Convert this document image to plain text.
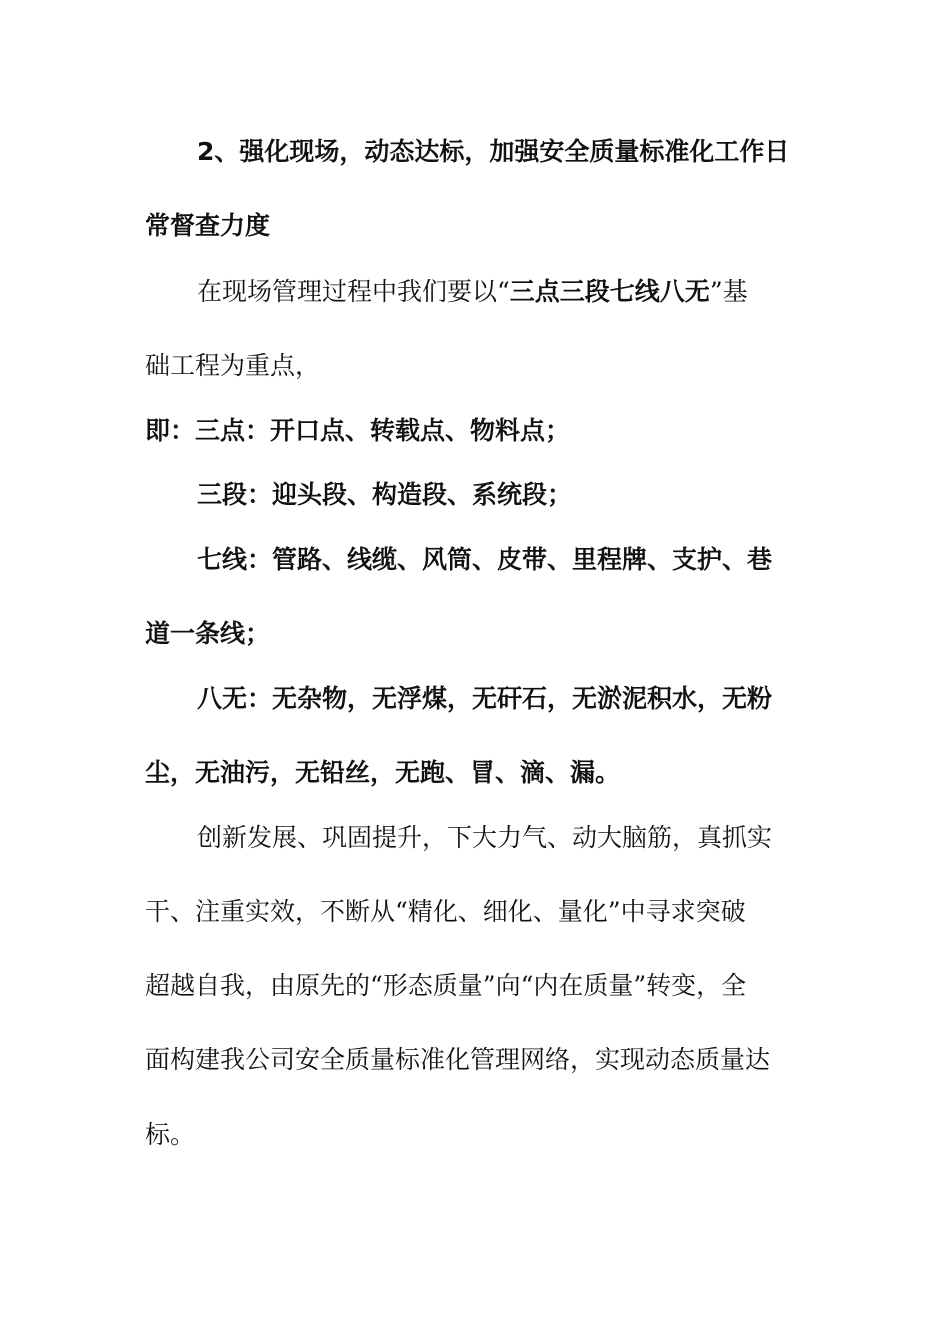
2、强化现场，动态达标，加强安全质量标准化工作日
常督查力度
在现场管理过程中我们要以“三点三段七线八无”基
础工程为重点，
即：三点：开口点、转载点、物料点；
三段：迎头段、构造段、系统段；
七线：管路、线缆、风筒、皮带、里程牌、支护、巷
道一条线；
八无：无杂物，无浮煤，无矸石，无淤泥积水，无粉
尘，无油污，无铅丝，无跑、冒、滴、漏。
创新发展、巩固提升，下大力气、动大脑筋，真抓实
干、注重实效，不断从“精化、细化、量化”中寻求突破
超越自我，由原先的“形态质量”向“内在质量”转变，全
面构建我公司安全质量标准化管理网络，实现动态质量达
标。
